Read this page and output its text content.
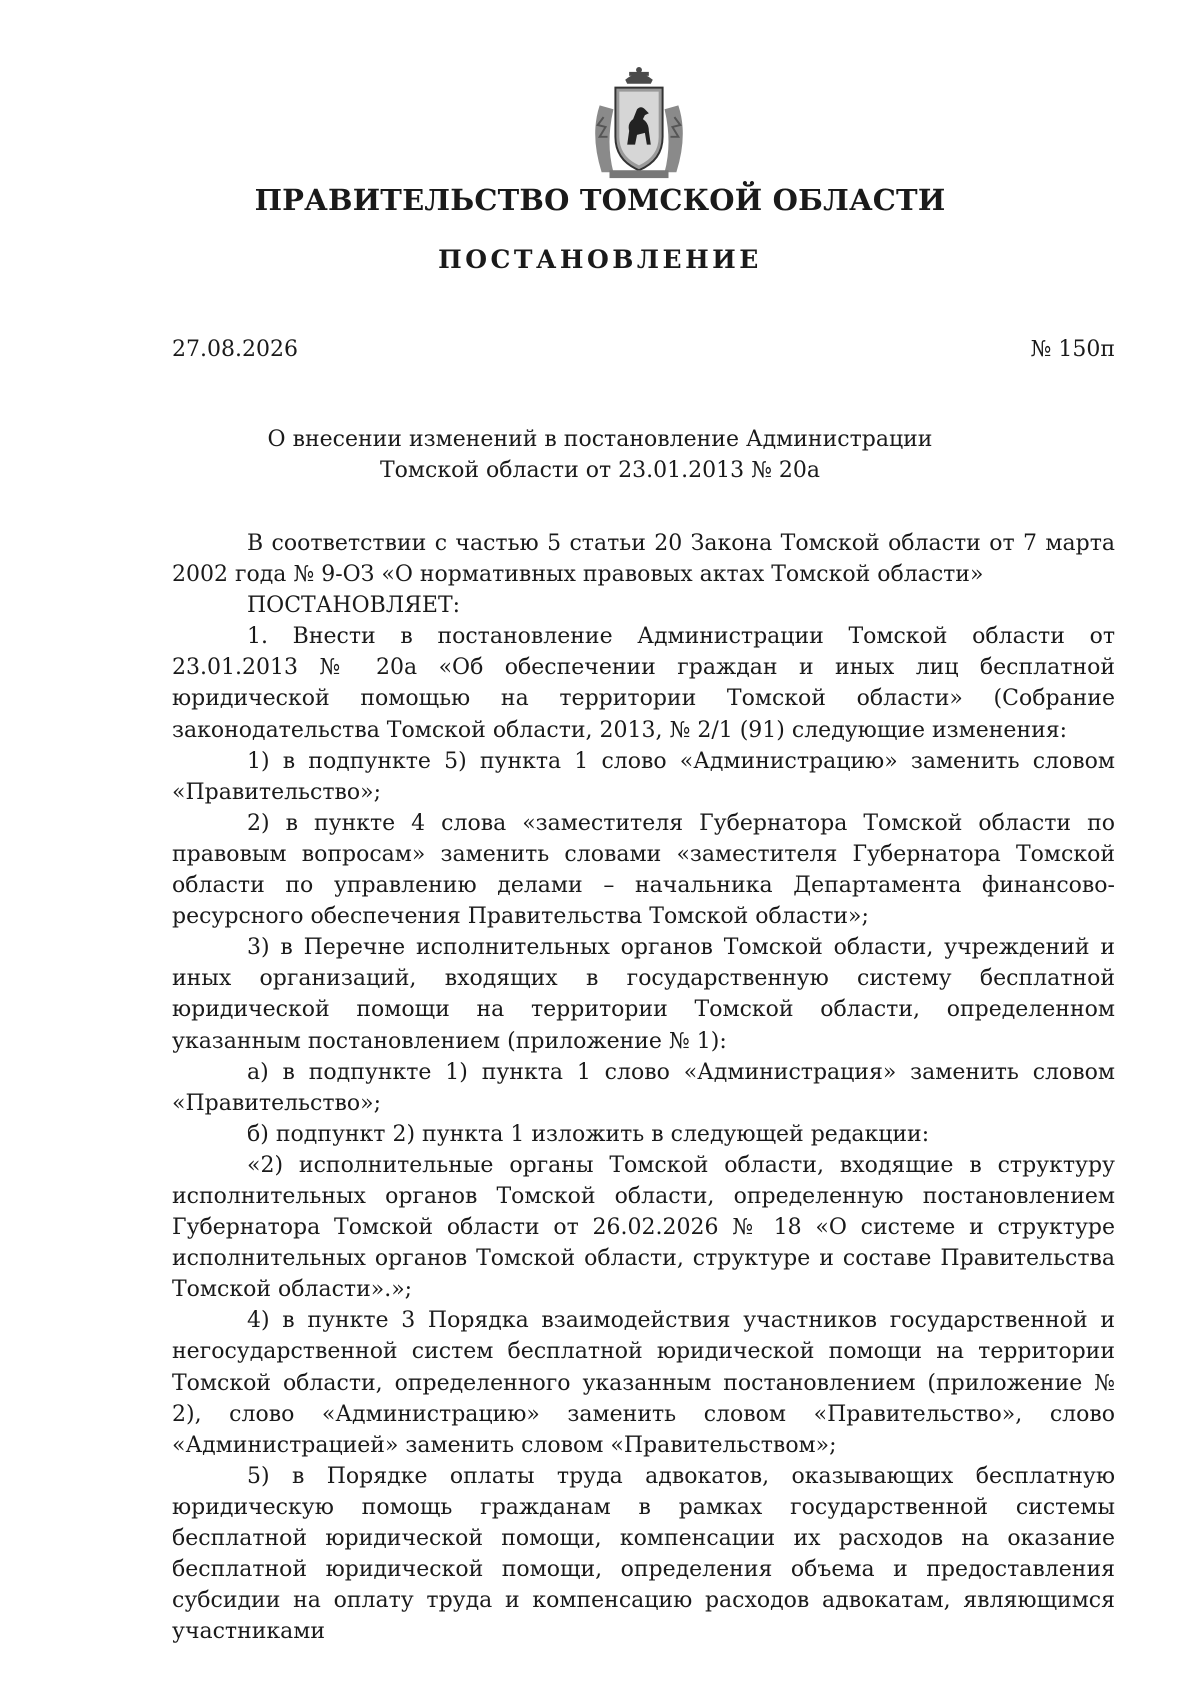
ПРАВИТЕЛЬСТВО ТОМСКОЙ ОБЛАСТИ
ПОСТАНОВЛЕНИЕ
27.08.2026	№ 150п
О внесении изменений в постановление Администрации
Томской области от 23.01.2013 № 20а

В соответствии с частью 5 статьи 20 Закона Томской области от 7 марта 2002 года № 9-ОЗ «О нормативных правовых актах Томской области»

ПОСТАНОВЛЯЕТ:

1. Внести в постановление Администрации Томской области от 23.01.2013 № 20а «Об обеспечении граждан и иных лиц бесплатной юридической помощью на территории Томской области» (Собрание законодательства Томской области, 2013, № 2/1 (91) следующие изменения:

1) в подпункте 5) пункта 1 слово «Администрацию» заменить словом «Правительство»;

2) в пункте 4 слова «заместителя Губернатора Томской области по правовым вопросам» заменить словами «заместителя Губернатора Томской области по управлению делами – начальника Департамента финансово-ресурсного обеспечения Правительства Томской области»;

3) в Перечне исполнительных органов Томской области, учреждений и иных организаций, входящих в государственную систему бесплатной юридической помощи на территории Томской области, определенном указанным постановлением (приложение № 1):

а) в подпункте 1) пункта 1 слово «Администрация» заменить словом «Правительство»;

б) подпункт 2) пункта 1 изложить в следующей редакции:

«2) исполнительные органы Томской области, входящие в структуру исполнительных органов Томской области, определенную постановлением Губернатора Томской области от 26.02.2026 № 18 «О системе и структуре исполнительных органов Томской области, структуре и составе Правительства Томской области».»;

4) в пункте 3 Порядка взаимодействия участников государственной и негосударственной систем бесплатной юридической помощи на территории Томской области, определенного указанным постановлением (приложение № 2), слово «Администрацию» заменить словом «Правительство», слово «Администрацией» заменить словом «Правительством»;

5) в Порядке оплаты труда адвокатов, оказывающих бесплатную юридическую помощь гражданам в рамках государственной системы бесплатной юридической помощи, компенсации их расходов на оказание бесплатной юридической помощи, определения объема и предоставления субсидии на оплату труда и компенсацию расходов адвокатам, являющимся участниками
